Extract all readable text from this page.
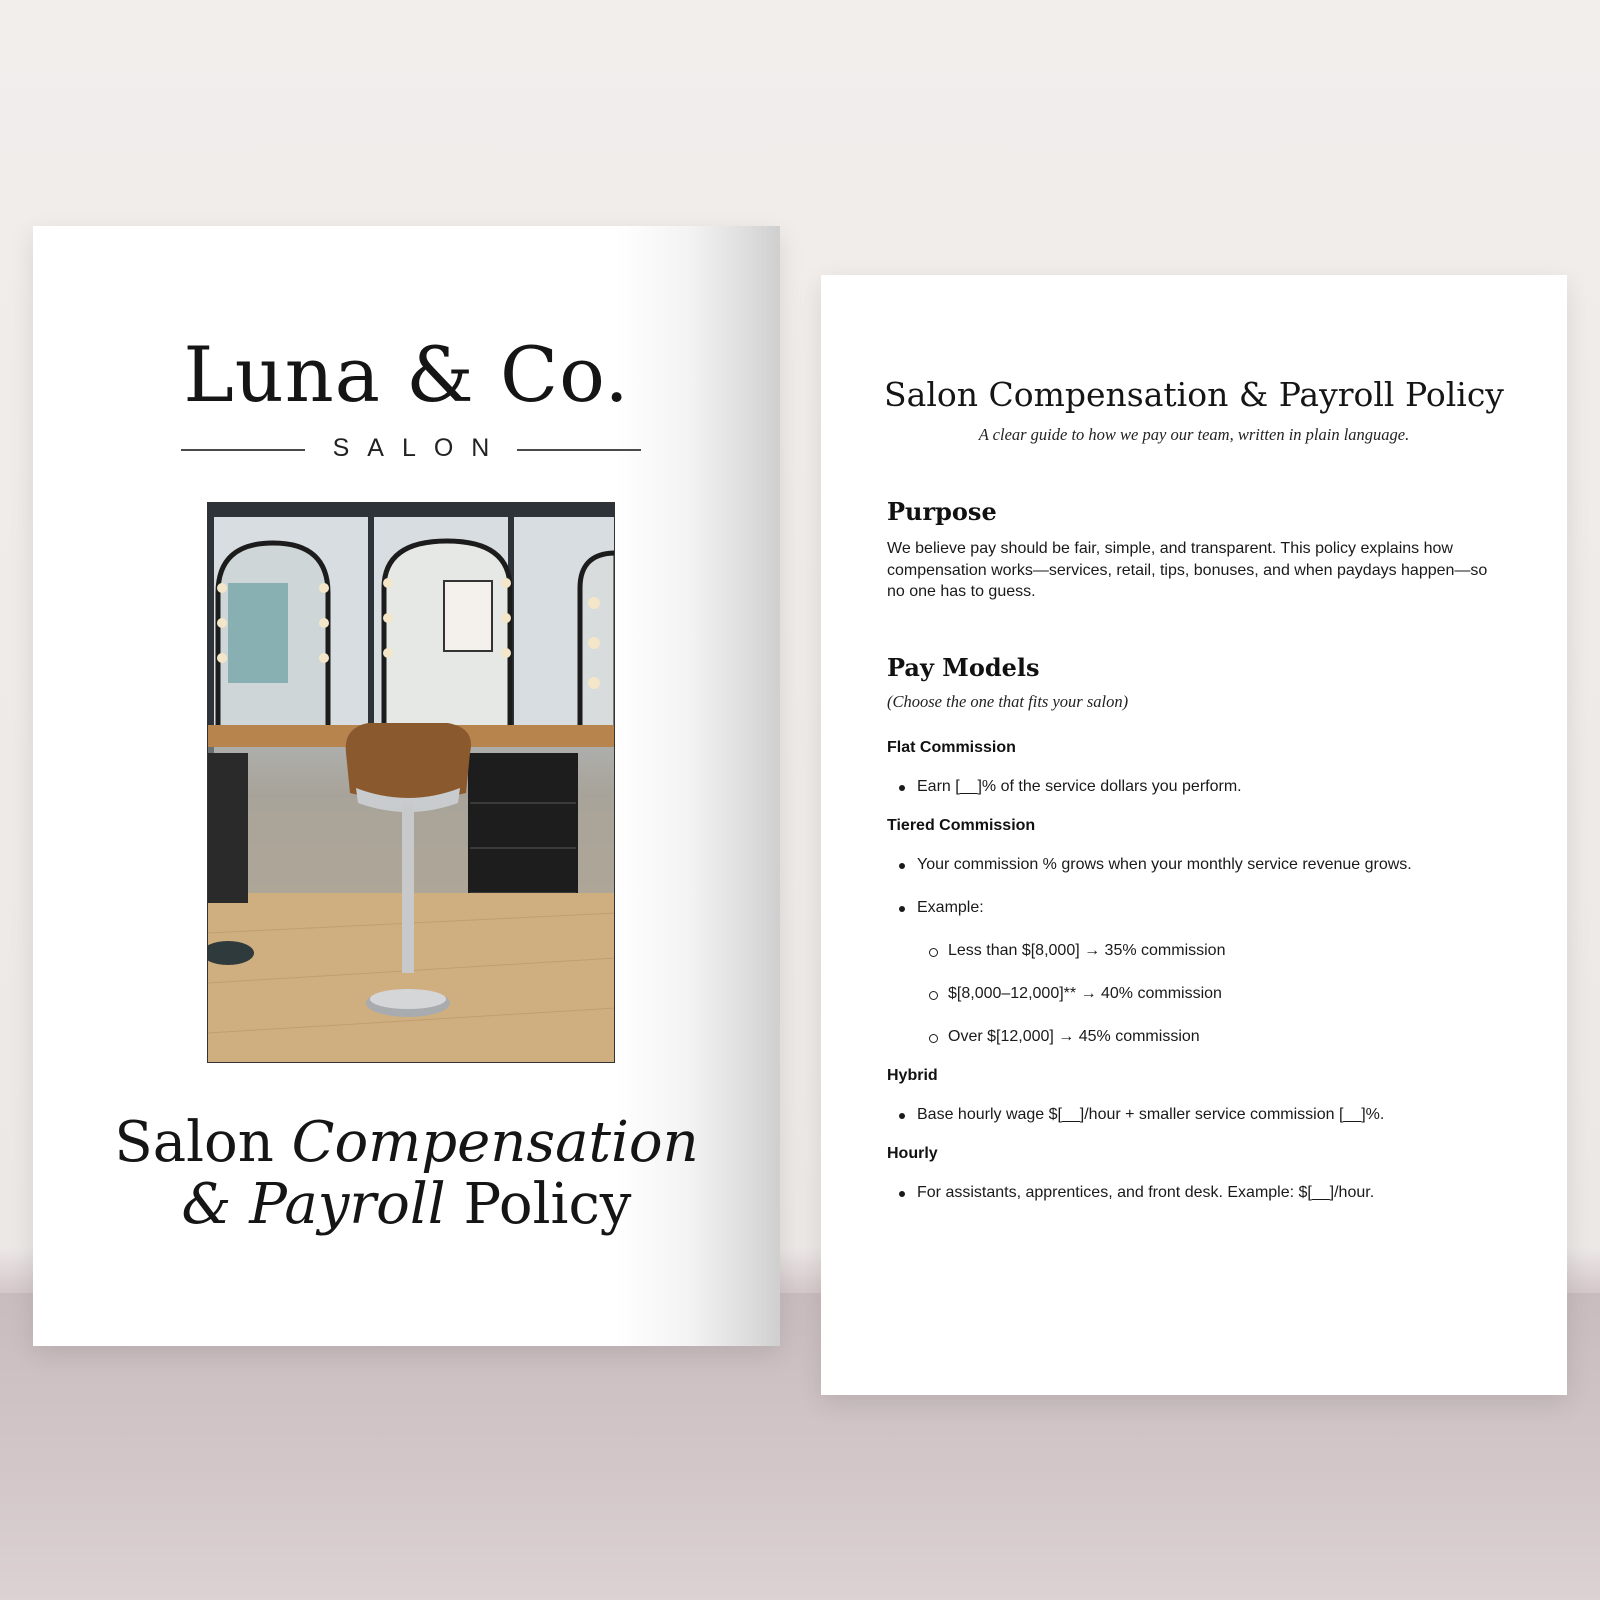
Luna & Co.
SALON
Salon Compensation
& Payroll Policy
Salon Compensation & Payroll Policy
A clear guide to how we pay our team, written in plain language.
Purpose

We believe pay should be fair, simple, and transparent. This policy explains how compensation works—services, retail, tips, bonuses, and when paydays happen—so no one has to guess.

Pay Models
(Choose the one that fits your salon)
Flat Commission
Earn [__]% of the service dollars you perform.
Tiered Commission
Your commission % grows when your monthly service revenue grows.
Example:
Less than $[8,000] → 35% commission
$[8,000–12,000]** → 40% commission
Over $[12,000] → 45% commission
Hybrid
Base hourly wage $[__]/hour + smaller service commission [__]%.
Hourly
For assistants, apprentices, and front desk. Example: $[__]/hour.
